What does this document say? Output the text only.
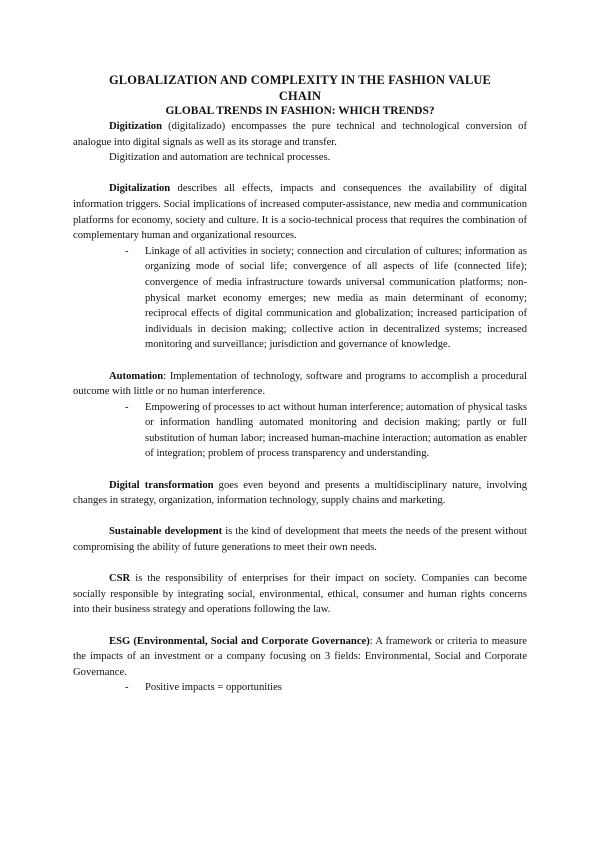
GLOBALIZATION AND COMPLEXITY IN THE FASHION VALUE
CHAIN
GLOBAL TRENDS IN FASHION: WHICH TRENDS?

Digitization (digitalizado) encompasses the pure technical and technological conversion of analogue into digital signals as well as its storage and transfer.

Digitization and automation are technical processes.

Digitalization describes all effects, impacts and consequences the availability of digital information triggers. Social implications of increased computer-assistance, new media and communication platforms for economy, society and culture. It is a socio-technical process that requires the combination of complementary human and organizational resources.

- Linkage of all activities in society; connection and circulation of cultures; information as organizing mode of social life; convergence of all aspects of life (connected life); convergence of media infrastructure towards universal communication platforms; non-physical market economy emerges; new media as main determinant of economy; reciprocal effects of digital communication and globalization; increased participation of individuals in decision making; collective action in decentralized systems; increased monitoring and surveillance; jurisdiction and governance of knowledge.

Automation: Implementation of technology, software and programs to accomplish a procedural outcome with little or no human interference.

- Empowering of processes to act without human interference; automation of physical tasks or information handling automated monitoring and decision making; partly or full substitution of human labor; increased human-machine interaction; automation as enabler of integration; problem of process transparency and understanding.

Digital transformation goes even beyond and presents a multidisciplinary nature, involving changes in strategy, organization, information technology, supply chains and marketing.

Sustainable development is the kind of development that meets the needs of the present without compromising the ability of future generations to meet their own needs.

CSR is the responsibility of enterprises for their impact on society. Companies can become socially responsible by integrating social, environmental, ethical, consumer and human rights concerns into their business strategy and operations following the law.

ESG (Environmental, Social and Corporate Governance): A framework or criteria to measure the impacts of an investment or a company focusing on 3 fields: Environmental, Social and Corporate Governance.

- Positive impacts = opportunities
